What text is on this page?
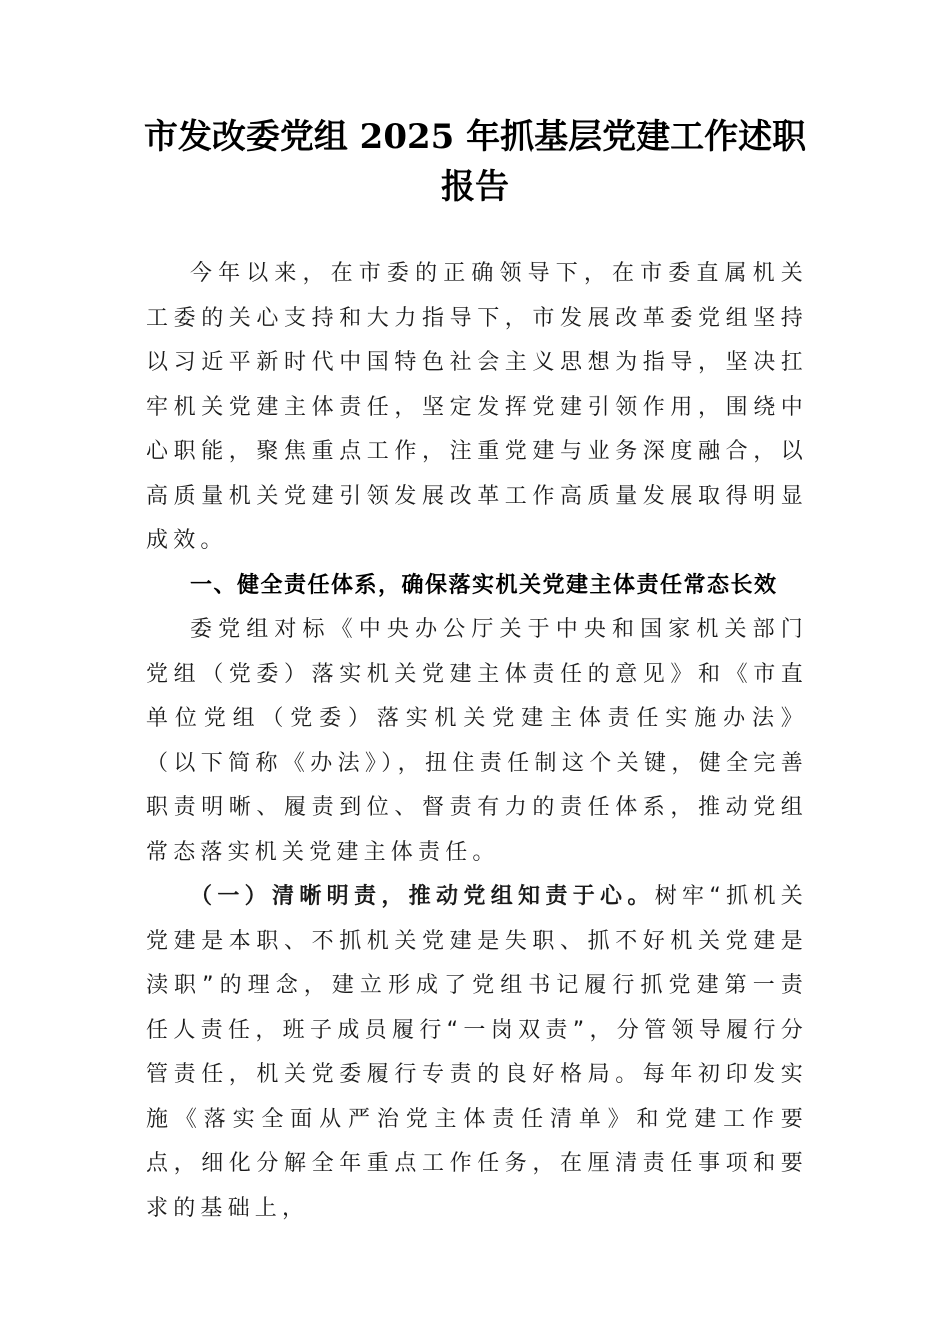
市发改委党组 2025 年抓基层党建工作述职
报告

今年以来，在市委的正确领导下，在市委直属机关工委的关心支持和大力指导下，市发展改革委党组坚持以习近平新时代中国特色社会主义思想为指导，坚决扛牢机关党建主体责任，坚定发挥党建引领作用，围绕中心职能，聚焦重点工作，注重党建与业务深度融合，以高质量机关党建引领发展改革工作高质量发展取得明显成效。

一、健全责任体系，确保落实机关党建主体责任常态长效

委党组对标《中央办公厅关于中央和国家机关部门党组（党委）落实机关党建主体责任的意见》和《市直单位党组（党委）落实机关党建主体责任实施办法》（以下简称《办法》），扭住责任制这个关键，健全完善职责明晰、履责到位、督责有力的责任体系，推动党组常态落实机关党建主体责任。

（一）清晰明责，推动党组知责于心。树牢“抓机关党建是本职、不抓机关党建是失职、抓不好机关党建是渎职”的理念，建立形成了党组书记履行抓党建第一责任人责任，班子成员履行“一岗双责”，分管领导履行分管责任，机关党委履行专责的良好格局。每年初印发实施《落实全面从严治党主体责任清单》和党建工作要点，细化分解全年重点工作任务，在厘清责任事项和要求的基础上，
